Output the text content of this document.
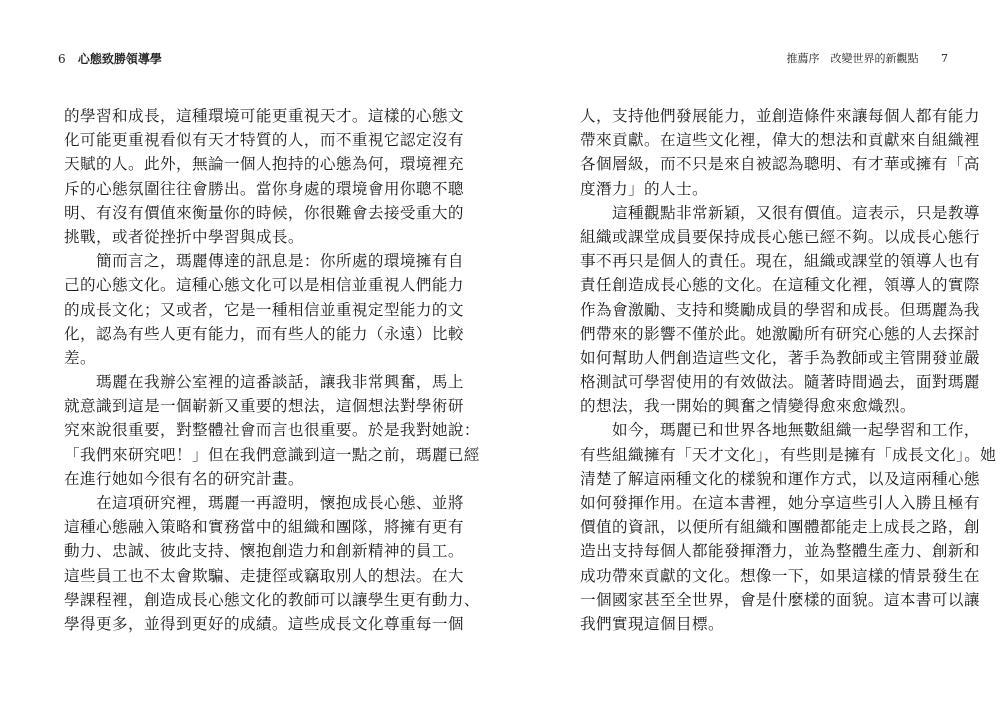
6 心態致勝領導學
的學習和成長，這種環境可能更重視天才。這樣的心態文
化可能更重視看似有天才特質的人，而不重視它認定沒有
天賦的人。此外，無論一個人抱持的心態為何，環境裡充
斥的心態氛圍往往會勝出。當你身處的環境會用你聰不聰
明、有沒有價值來衡量你的時候，你很難會去接受重大的
挑戰，或者從挫折中學習與成長。
　　簡而言之，瑪麗傳達的訊息是：你所處的環境擁有自
己的心態文化。這種心態文化可以是相信並重視人們能力
的成長文化；又或者，它是一種相信並重視定型能力的文
化，認為有些人更有能力，而有些人的能力（永遠）比較
差。
　　瑪麗在我辦公室裡的這番談話，讓我非常興奮，馬上
就意識到這是一個嶄新又重要的想法，這個想法對學術研
究來說很重要，對整體社會而言也很重要。於是我對她說：
「我們來研究吧！」但在我們意識到這一點之前，瑪麗已經
在進行她如今很有名的研究計畫。
　　在這項研究裡，瑪麗一再證明，懷抱成長心態、並將
這種心態融入策略和實務當中的組織和團隊，將擁有更有
動力、忠誠、彼此支持、懷抱創造力和創新精神的員工。
這些員工也不太會欺騙、走捷徑或竊取別人的想法。在大
學課程裡，創造成長心態文化的教師可以讓學生更有動力、
學得更多，並得到更好的成績。這些成長文化尊重每一個
推薦序　改變世界的新觀點 7
人，支持他們發展能力，並創造條件來讓每個人都有能力
帶來貢獻。在這些文化裡，偉大的想法和貢獻來自組織裡
各個層級，而不只是來自被認為聰明、有才華或擁有「高
度潛力」的人士。
　　這種觀點非常新穎，又很有價值。這表示，只是教導
組織或課堂成員要保持成長心態已經不夠。以成長心態行
事不再只是個人的責任。現在，組織或課堂的領導人也有
責任創造成長心態的文化。在這種文化裡，領導人的實際
作為會激勵、支持和獎勵成員的學習和成長。但瑪麗為我
們帶來的影響不僅於此。她激勵所有研究心態的人去探討
如何幫助人們創造這些文化，著手為教師或主管開發並嚴
格測試可學習使用的有效做法。隨著時間過去，面對瑪麗
的想法，我一開始的興奮之情變得愈來愈熾烈。
　　如今，瑪麗已和世界各地無數組織一起學習和工作，
有些組織擁有「天才文化」，有些則是擁有「成長文化」。她
清楚了解這兩種文化的樣貌和運作方式，以及這兩種心態
如何發揮作用。在這本書裡，她分享這些引人入勝且極有
價值的資訊，以便所有組織和團體都能走上成長之路，創
造出支持每個人都能發揮潛力，並為整體生產力、創新和
成功帶來貢獻的文化。想像一下，如果這樣的情景發生在
一個國家甚至全世界，會是什麼樣的面貌。這本書可以讓
我們實現這個目標。
